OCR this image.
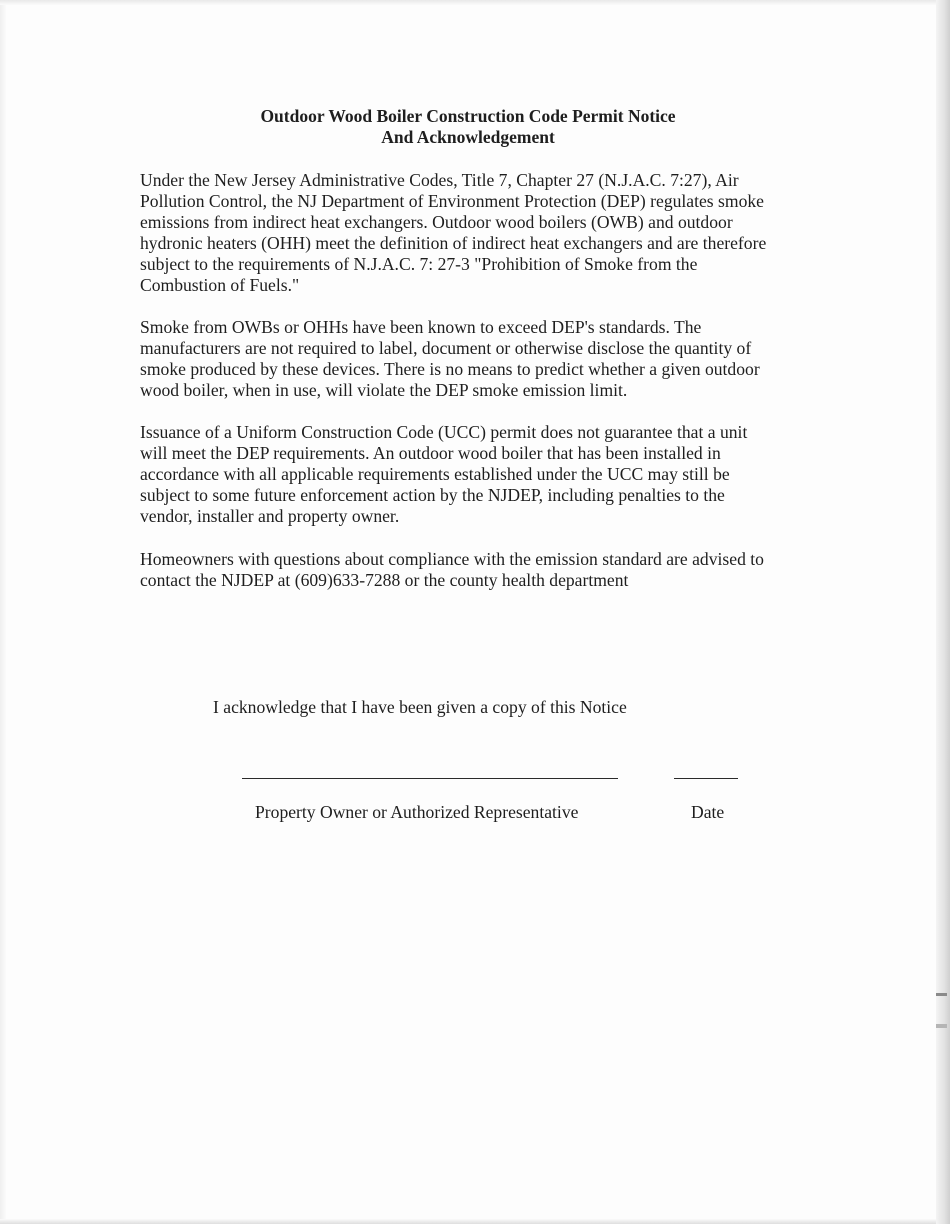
Outdoor Wood Boiler Construction Code Permit Notice
And Acknowledgement
Under the New Jersey Administrative Codes, Title 7, Chapter 27 (N.J.A.C. 7:27), Air
Pollution Control, the NJ Department of Environment Protection (DEP) regulates smoke
emissions from indirect heat exchangers. Outdoor wood boilers (OWB) and outdoor
hydronic heaters (OHH) meet the definition of indirect heat exchangers and are therefore
subject to the requirements of N.J.A.C. 7: 27-3 "Prohibition of Smoke from the
Combustion of Fuels."
Smoke from OWBs or OHHs have been known to exceed DEP's standards. The
manufacturers are not required to label, document or otherwise disclose the quantity of
smoke produced by these devices. There is no means to predict whether a given outdoor
wood boiler, when in use, will violate the DEP smoke emission limit.
Issuance of a Uniform Construction Code (UCC) permit does not guarantee that a unit
will meet the DEP requirements. An outdoor wood boiler that has been installed in
accordance with all applicable requirements established under the UCC may still be
subject to some future enforcement action by the NJDEP, including penalties to the
vendor, installer and property owner.
Homeowners with questions about compliance with the emission standard are advised to
contact the NJDEP at (609)633-7288 or the county health department
I acknowledge that I have been given a copy of this Notice
Property Owner or Authorized Representative	Date
